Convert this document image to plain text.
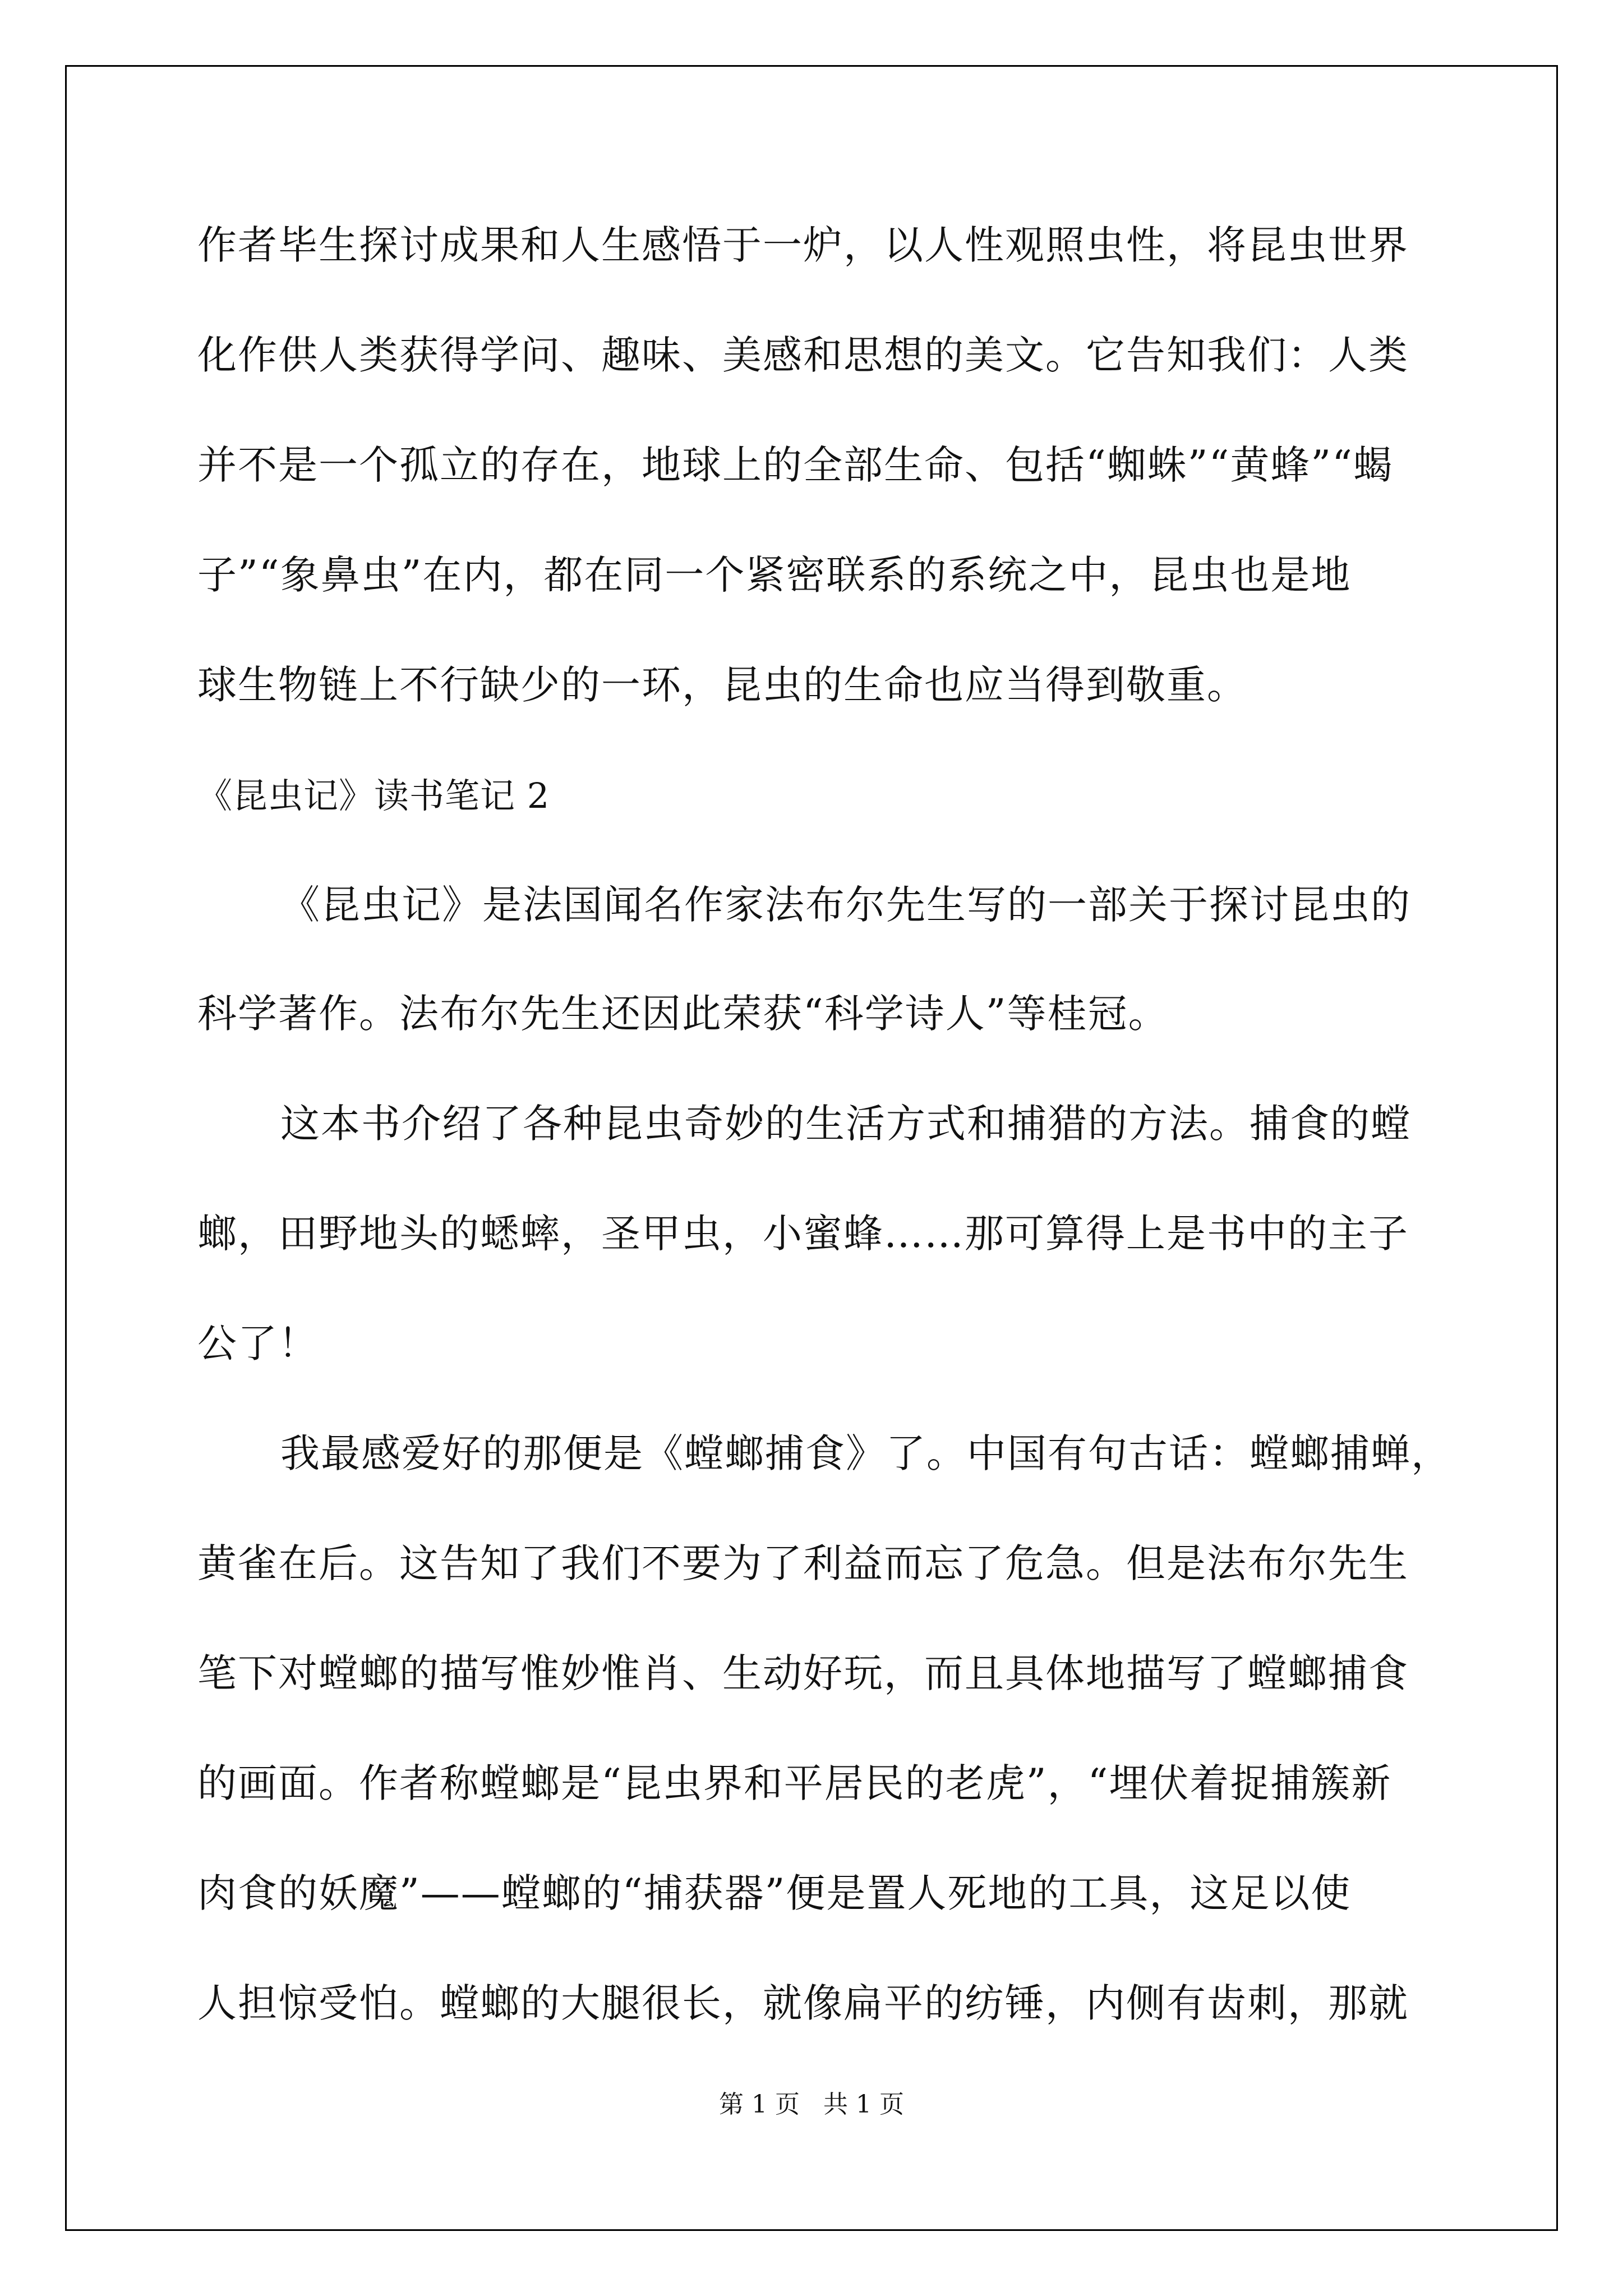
作者毕生探讨成果和人生感悟于一炉，以人性观照虫性，将昆虫世界
化作供人类获得学问、趣味、美感和思想的美文。它告知我们：人类
并不是一个孤立的存在，地球上的全部生命、包括“蜘蛛”“黄蜂”“蝎
子”“象鼻虫”在内，都在同一个紧密联系的系统之中，昆虫也是地
球生物链上不行缺少的一环，昆虫的生命也应当得到敬重。
《昆虫记》读书笔记 2
《昆虫记》是法国闻名作家法布尔先生写的一部关于探讨昆虫的
科学著作。法布尔先生还因此荣获“科学诗人”等桂冠。
这本书介绍了各种昆虫奇妙的生活方式和捕猎的方法。捕食的螳
螂，田野地头的蟋蟀，圣甲虫，小蜜蜂……那可算得上是书中的主子
公了！
我最感爱好的那便是《螳螂捕食》了。中国有句古话：螳螂捕蝉，
黄雀在后。这告知了我们不要为了利益而忘了危急。但是法布尔先生
笔下对螳螂的描写惟妙惟肖、生动好玩，而且具体地描写了螳螂捕食
的画面。作者称螳螂是“昆虫界和平居民的老虎”，“埋伏着捉捕簇新
肉食的妖魔”——螳螂的“捕获器”便是置人死地的工具，这足以使
人担惊受怕。螳螂的大腿很长，就像扁平的纺锤，内侧有齿刺，那就
第 1 页   共 1 页
